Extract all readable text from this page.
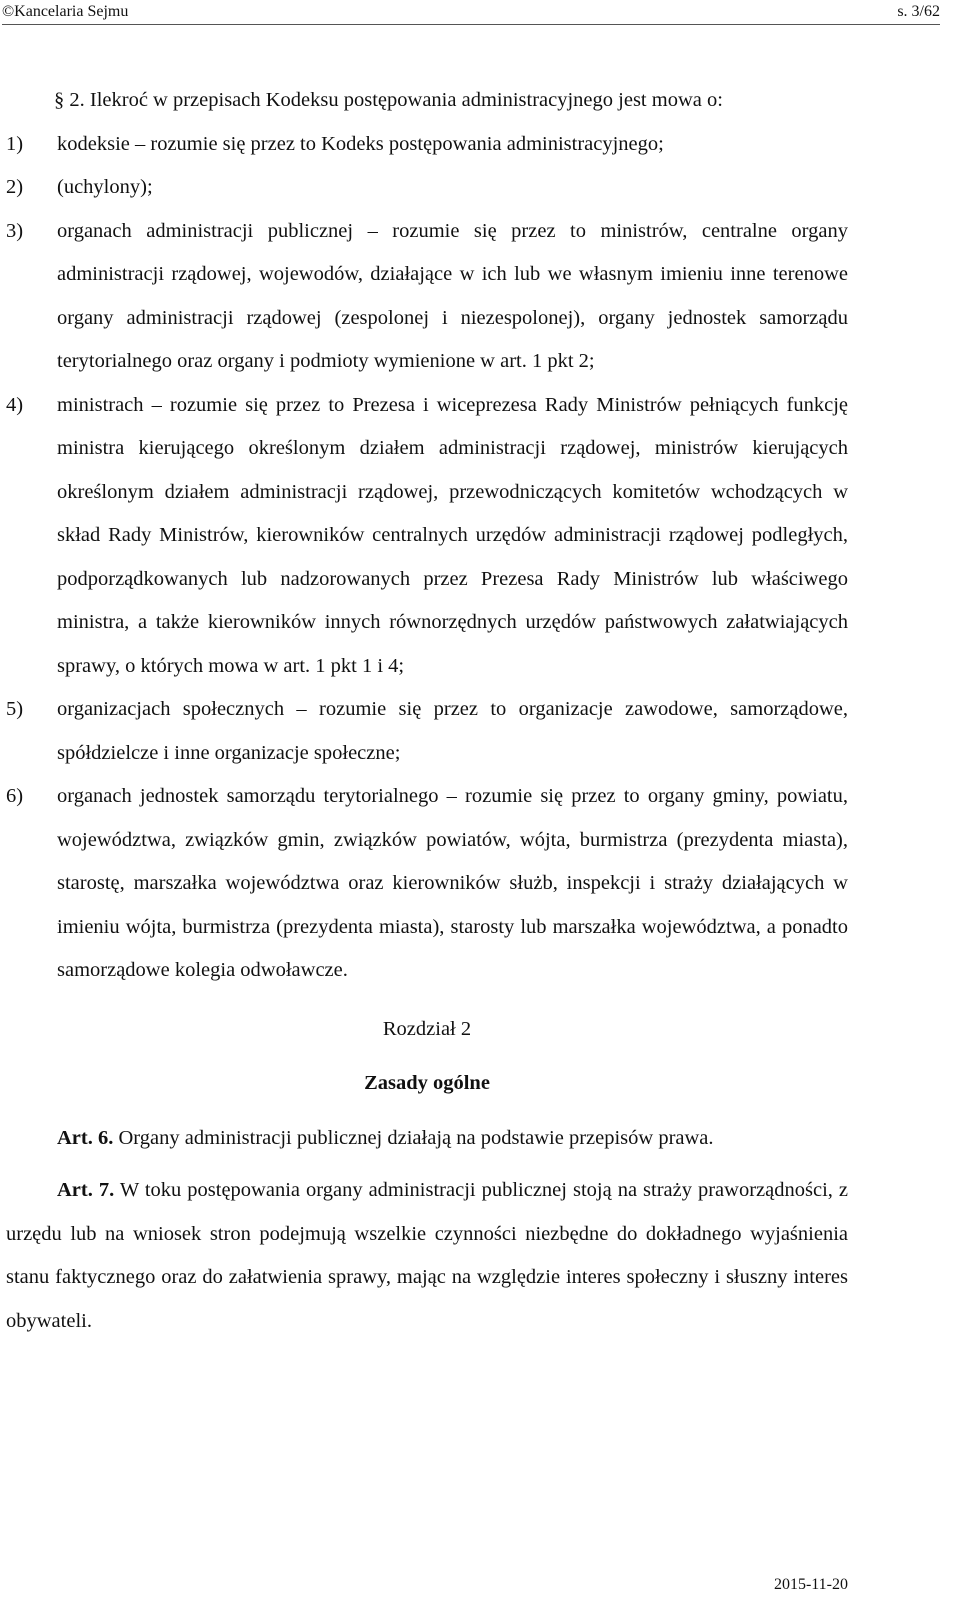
©Kancelaria Sejmu	s. 3/62

§ 2. Ilekroć w przepisach Kodeksu postępowania administracyjnego jest mowa o:

1)	kodeksie – rozumie się przez to Kodeks postępowania administracyjnego;
2)	(uchylony);
3)	organach administracji publicznej – rozumie się przez to ministrów, centralne organy administracji rządowej, wojewodów, działające w ich lub we własnym imieniu inne terenowe organy administracji rządowej (zespolonej i niezespolonej), organy jednostek samorządu terytorialnego oraz organy i podmioty wymienione w art. 1 pkt 2;
4)	ministrach – rozumie się przez to Prezesa i wiceprezesa Rady Ministrów pełniących funkcję ministra kierującego określonym działem administracji rządowej, ministrów kierujących określonym działem administracji rządowej, przewodniczących komitetów wchodzących w skład Rady Ministrów, kierowników centralnych urzędów administracji rządowej podległych, podporządkowanych lub nadzorowanych przez Prezesa Rady Ministrów lub właściwego ministra, a także kierowników innych równorzędnych urzędów państwowych załatwiających sprawy, o których mowa w art. 1 pkt 1 i 4;
5)	organizacjach społecznych – rozumie się przez to organizacje zawodowe, samorządowe, spółdzielcze i inne organizacje społeczne;
6)	organach jednostek samorządu terytorialnego – rozumie się przez to organy gminy, powiatu, województwa, związków gmin, związków powiatów, wójta, burmistrza (prezydenta miasta), starostę, marszałka województwa oraz kierowników służb, inspekcji i straży działających w imieniu wójta, burmistrza (prezydenta miasta), starosty lub marszałka województwa, a ponadto samorządowe kolegia odwoławcze.

Rozdział 2

Zasady ogólne

Art. 6. Organy administracji publicznej działają na podstawie przepisów prawa.

Art. 7. W toku postępowania organy administracji publicznej stoją na straży praworządności, z urzędu lub na wniosek stron podejmują wszelkie czynności niezbędne do dokładnego wyjaśnienia stanu faktycznego oraz do załatwienia sprawy, mając na względzie interes społeczny i słuszny interes obywateli.

2015-11-20
